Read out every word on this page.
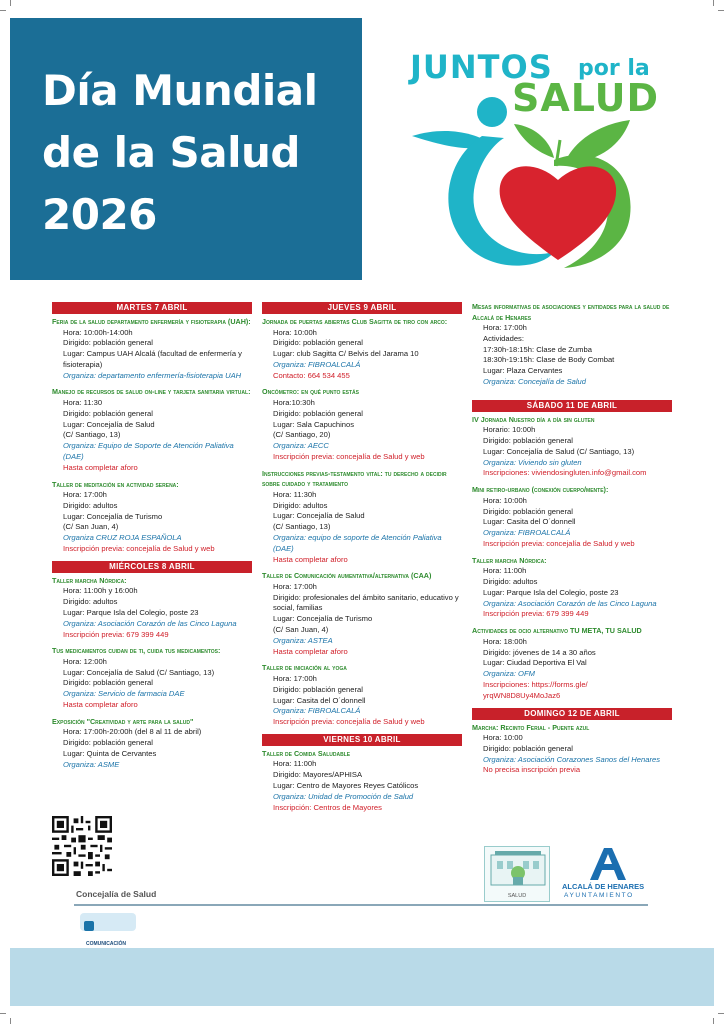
Día Mundial
de la Salud
2026
JUNTOS por la
SALUD
MARTES 7 ABRIL
Feria de la salud departamento enfermería y fisioterapia (UAH):
Hora: 10:00h-14:00h
Dirigido: población general
Lugar: Campus UAH Alcalá (facultad de enfermería y fisioterapia)
Organiza: departamento enfermería-fisioterapia UAH
Manejo de recursos de salud on-line y tarjeta sanitaria virtual:
Hora: 11:30
Dirigido: población general
Lugar: Concejalía de Salud
(C/ Santiago, 13)
Organiza: Equipo de Soporte de Atención Paliativa (DAE)
Hasta completar aforo
Taller de meditación en actividad serena:
Hora: 17:00h
Dirigido: adultos
Lugar: Concejalía de Turismo
(C/ San Juan, 4)
Organiza CRUZ ROJA ESPAÑOLA
Inscripción previa: concejalía de Salud y web
MIÉRCOLES 8 ABRIL
Taller marcha Nórdica:
Hora: 11:00h y 16:00h
Dirigido: adultos
Lugar: Parque Isla del Colegio, poste 23
Organiza: Asociación Corazón de las Cinco Laguna
Inscripción previa: 679 399 449
Tus medicamentos cuidan de ti, cuida tus medicamentos:
Hora: 12:00h
Lugar: Concejalía de Salud (C/ Santiago, 13)
Dirigido: población general
Organiza: Servicio de farmacia DAE
Hasta completar aforo
Exposición "Creatividad y arte para la salud"
Hora: 17:00h-20:00h (del 8 al 11 de abril)
Dirigido: población general
Lugar: Quinta de Cervantes
Organiza: ASME
JUEVES 9 ABRIL
Jornada de puertas abiertas Club Sagitta de tiro con arco:
Hora: 10:00h
Dirigido: población general
Lugar: club Sagitta C/ Belvis del Jarama 10
Organiza: FIBROALCALÁ
Contacto: 664 534 455
Oncómetro: en qué punto estás
Hora:10:30h
Dirigido: población general
Lugar: Sala Capuchinos
(C/ Santiago, 20)
Organiza: AECC
Inscripción previa: concejalía de Salud y web
Instrucciones previas-testamento vital: tu derecho a decidir sobre cuidado y tratamiento
Hora: 11:30h
Dirigido: adultos
Lugar: Concejalía de Salud
(C/ Santiago, 13)
Organiza: equipo de soporte de Atención Paliativa (DAE)
Hasta completar aforo
Taller de Comunicación aumentativa/alternativa (CAA)
Hora: 17:00h
Dirigido: profesionales del ámbito sanitario, educativo y social, familias
Lugar: Concejalía de Turismo
(C/ San Juan, 4)
Organiza: ASTEA
Hasta completar aforo
Taller de iniciación al yoga
Hora: 17:00h
Dirigido: población general
Lugar: Casita del O´donnell
Organiza: FIBROALCALÁ
Inscripción previa: concejalía de Salud y web
VIERNES 10 ABRIL
Taller de Comida Saludable
Hora: 11:00h
Dirigido: Mayores/APHISA
Lugar: Centro de Mayores Reyes Católicos
Organiza: Unidad de Promoción de Salud
Inscripción: Centros de Mayores
Mesas informativas de asociaciones y entidades para la salud de Alcalá de Henares
Hora: 17:00h
Actividades:
17:30h-18:15h: Clase de Zumba
18:30h-19:15h: Clase de Body Combat
Lugar: Plaza Cervantes
Organiza: Concejalía de Salud
SÁBADO 11 DE ABRIL
IV Jornada Nuestro día a día sin gluten
Horario: 10:00h
Dirigido: población general
Lugar: Concejalía de Salud (C/ Santiago, 13)
Organiza: Viviendo sin gluten
Inscripciones: viviendosingluten.info@gmail.com
Mini retiro-urbano (conexión cuerpo/mente):
Hora: 10:00h
Dirigido: población general
Lugar: Casita del O´donnell
Organiza: FIBROALCALÁ
Inscripción previa: concejalía de Salud y web
Taller marcha Nórdica:
Hora: 11:00h
Dirigido: adultos
Lugar: Parque Isla del Colegio, poste 23
Organiza: Asociación Corazón de las Cinco Laguna
Inscripción previa: 679 399 449
Actividades de ocio alternativo TU META, TU SALUD
Hora: 18:00h
Dirigido: jóvenes de 14 a 30 años
Lugar: Ciudad Deportiva El Val
Organiza: OFM
Inscripciones: https://forms.gle/
yrqWN8D8Uy4MoJaz6
DOMINGO 12 DE ABRIL
Marcha: Recinto Ferial - Puente azul
Hora: 10:00
Dirigido: población general
Organiza: Asociación Corazones Sanos del Henares
No precisa inscripción previa
Concejalía de Salud
COMUNICACIÓN
SALUD
ALCALÁ DE HENARES
AYUNTAMIENTO
